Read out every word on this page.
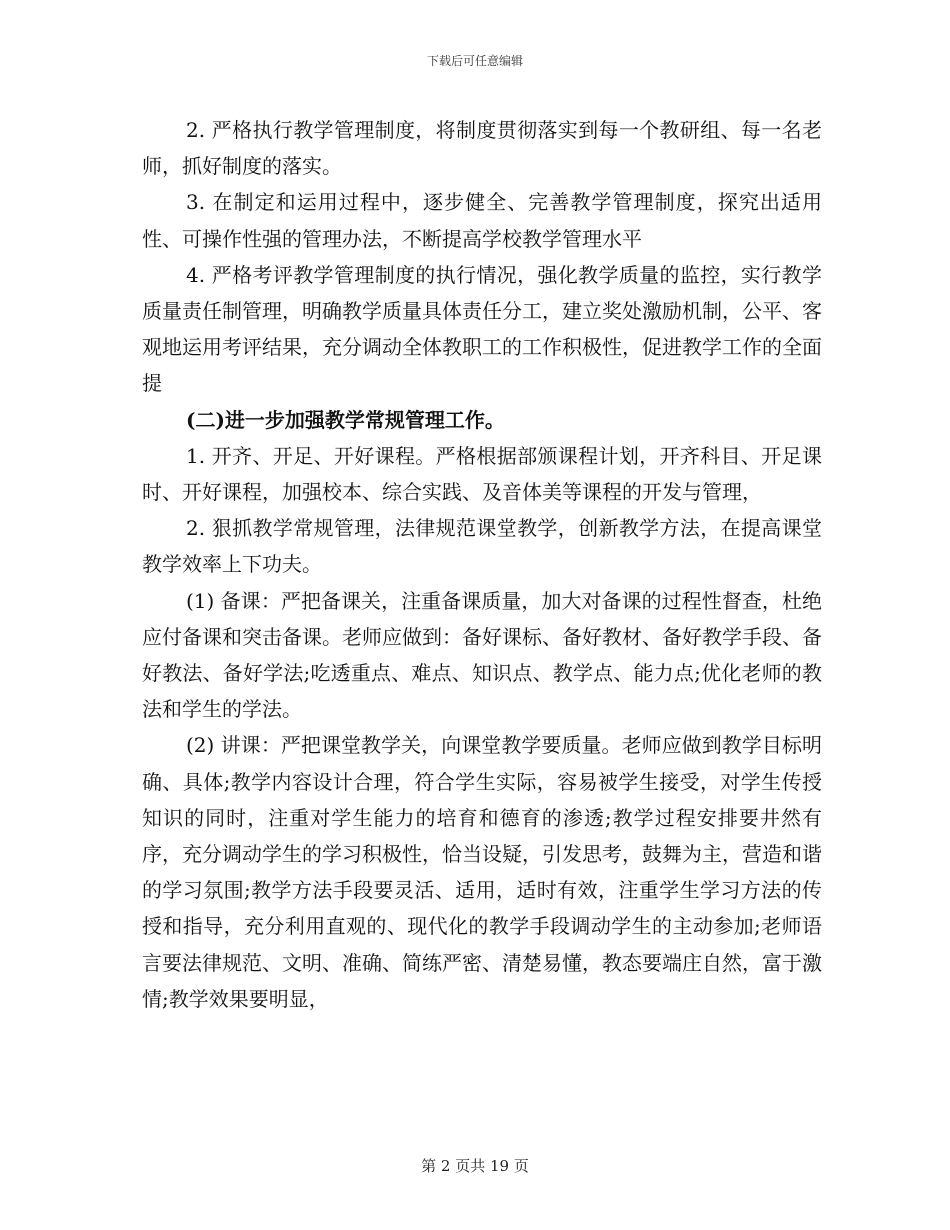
下载后可任意编辑

2. 严格执行教学管理制度，将制度贯彻落实到每一个教研组、每一名老师，抓好制度的落实。

3. 在制定和运用过程中，逐步健全、完善教学管理制度，探究出适用性、可操作性强的管理办法，不断提高学校教学管理水平

4. 严格考评教学管理制度的执行情况，强化教学质量的监控，实行教学质量责任制管理，明确教学质量具体责任分工，建立奖处激励机制，公平、客观地运用考评结果，充分调动全体教职工的工作积极性，促进教学工作的全面提

(二)进一步加强教学常规管理工作。

1. 开齐、开足、开好课程。严格根据部颁课程计划，开齐科目、开足课时、开好课程，加强校本、综合实践、及音体美等课程的开发与管理，

2. 狠抓教学常规管理，法律规范课堂教学，创新教学方法，在提高课堂教学效率上下功夫。

(1) 备课：严把备课关，注重备课质量，加大对备课的过程性督查，杜绝应付备课和突击备课。老师应做到：备好课标、备好教材、备好教学手段、备好教法、备好学法;吃透重点、难点、知识点、教学点、能力点;优化老师的教法和学生的学法。

(2) 讲课：严把课堂教学关，向课堂教学要质量。老师应做到教学目标明确、具体;教学内容设计合理，符合学生实际，容易被学生接受，对学生传授知识的同时，注重对学生能力的培育和德育的渗透;教学过程安排要井然有序，充分调动学生的学习积极性，恰当设疑，引发思考，鼓舞为主，营造和谐的学习氛围;教学方法手段要灵活、适用，适时有效，注重学生学习方法的传授和指导，充分利用直观的、现代化的教学手段调动学生的主动参加;老师语言要法律规范、文明、准确、简练严密、清楚易懂，教态要端庄自然，富于激情;教学效果要明显，

第 2 页共 19 页
